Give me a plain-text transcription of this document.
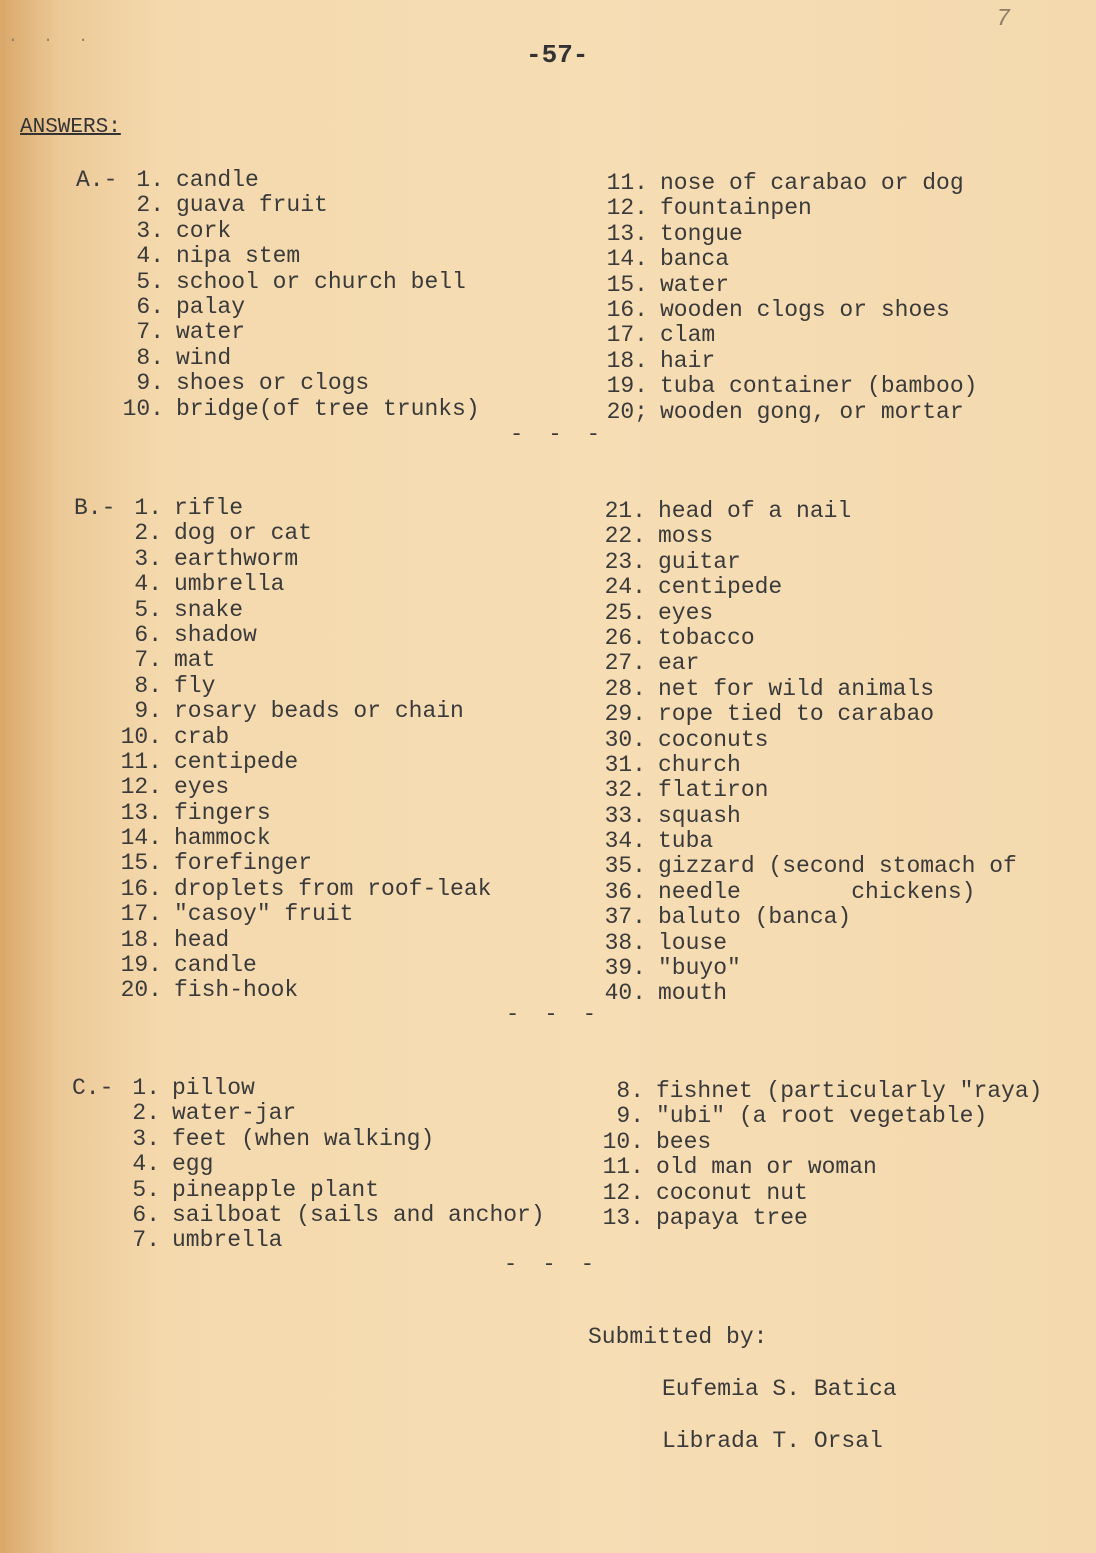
7
. . .
-57-
ANSWERS:
A.- 1. candle
2. guava fruit
3. cork
4. nipa stem
5. school or church bell
6. palay
7. water
8. wind
9. shoes or clogs
10. bridge(of tree trunks)
11. nose of carabao or dog
12. fountainpen
13. tongue
14. banca
15. water
16. wooden clogs or shoes
17. clam
18. hair
19. tuba container (bamboo)
20; wooden gong, or mortar
- - -
B.- 1. rifle
2. dog or cat
3. earthworm
4. umbrella
5. snake
6. shadow
7. mat
8. fly
9. rosary beads or chain
10. crab
11. centipede
12. eyes
13. fingers
14. hammock
15. forefinger
16. droplets from roof-leak
17. "casoy" fruit
18. head
19. candle
20. fish-hook
21. head of a nail
22. moss
23. guitar
24. centipede
25. eyes
26. tobacco
27. ear
28. net for wild animals
29. rope tied to carabao
30. coconuts
31. church
32. flatiron
33. squash
34. tuba
35. gizzard (second stomach of
36. needle        chickens)
37. baluto (banca)
38. louse
39. "buyo"
40. mouth
- - -
C.- 1. pillow
2. water-jar
3. feet (when walking)
4. egg
5. pineapple plant
6. sailboat (sails and anchor)
7. umbrella
8. fishnet (particularly "raya)
9. "ubi" (a root vegetable)
10. bees
11. old man or woman
12. coconut nut
13. papaya tree
- - -
Submitted by:
Eufemia S. Batica
Librada T. Orsal
